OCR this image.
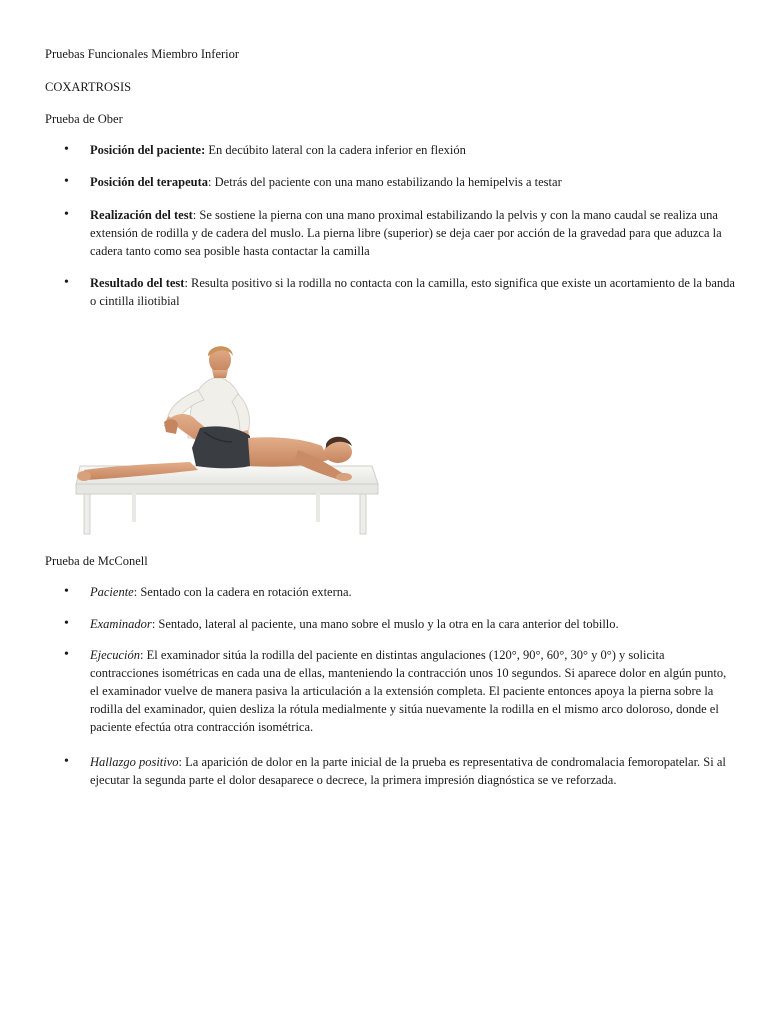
Pruebas Funcionales Miembro Inferior
COXARTROSIS
Prueba de Ober
• Posición del paciente: En decúbito lateral con la cadera inferior en flexión
• Posición del terapeuta: Detrás del paciente con una mano estabilizando la hemipelvis a testar
• Realización del test: Se sostiene la pierna con una mano proximal estabilizando la pelvis y con la mano caudal se realiza una extensión de rodilla y de cadera del muslo. La pierna libre (superior) se deja caer por acción de la gravedad para que aduzca la cadera tanto como sea posible hasta contactar la camilla
• Resultado del test: Resulta positivo si la rodilla no contacta con la camilla, esto significa que existe un acortamiento de la banda o cintilla iliotibial
Prueba de McConell
• Paciente: Sentado con la cadera en rotación externa.
• Examinador: Sentado, lateral al paciente, una mano sobre el muslo y la otra en la cara anterior del tobillo.
• Ejecución: El examinador sitúa la rodilla del paciente en distintas angulaciones (120°, 90°, 60°, 30° y 0°) y solicita contracciones isométricas en cada una de ellas, manteniendo la contracción unos 10 segundos. Si aparece dolor en algún punto, el examinador vuelve de manera pasiva la articulación a la extensión completa. El paciente entonces apoya la pierna sobre la rodilla del examinador, quien desliza la rótula medialmente y sitúa nuevamente la rodilla en el mismo arco doloroso, donde el paciente efectúa otra contracción isométrica.
• Hallazgo positivo: La aparición de dolor en la parte inicial de la prueba es representativa de condromalacia femoropatelar. Si al ejecutar la segunda parte el dolor desaparece o decrece, la primera impresión diagnóstica se ve reforzada.
